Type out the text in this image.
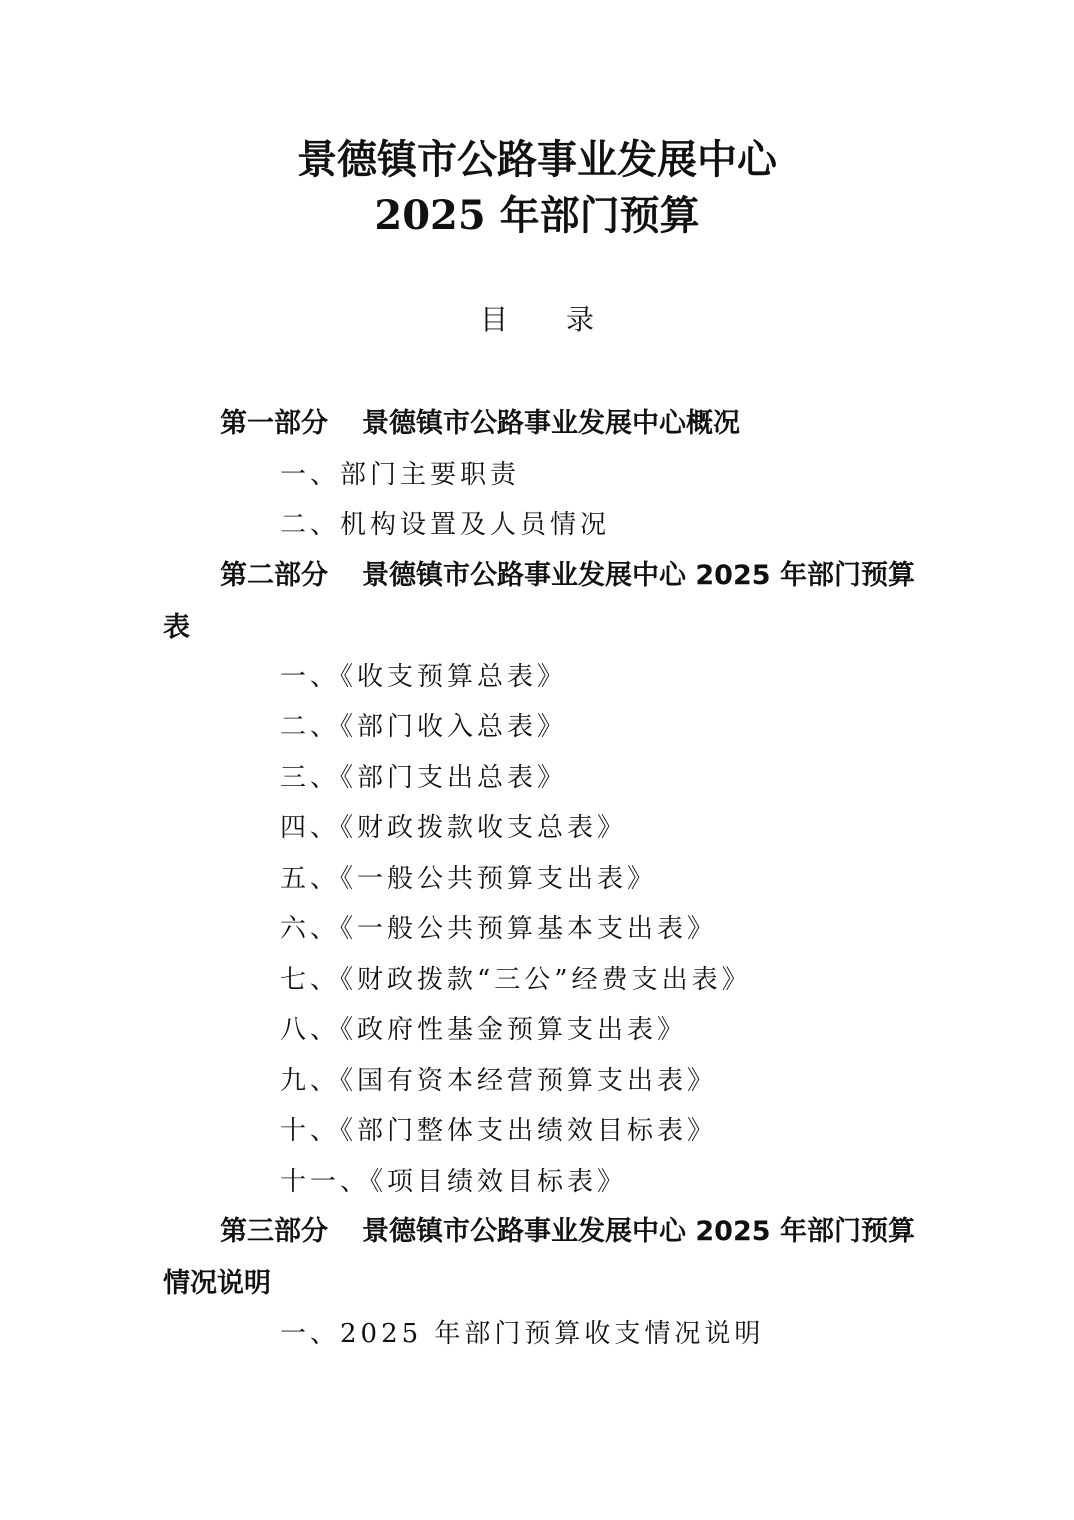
景德镇市公路事业发展中心
2025 年部门预算
目 录
第一部分 景德镇市公路事业发展中心概况
一、部门主要职责
二、机构设置及人员情况
第二部分 景德镇市公路事业发展中心 2025 年部门预算表
一、《收支预算总表》
二、《部门收入总表》
三、《部门支出总表》
四、《财政拨款收支总表》
五、《一般公共预算支出表》
六、《一般公共预算基本支出表》
七、《财政拨款“三公”经费支出表》
八、《政府性基金预算支出表》
九、《国有资本经营预算支出表》
十、《部门整体支出绩效目标表》
十一、《项目绩效目标表》
第三部分 景德镇市公路事业发展中心 2025 年部门预算情况说明
一、2025 年部门预算收支情况说明
